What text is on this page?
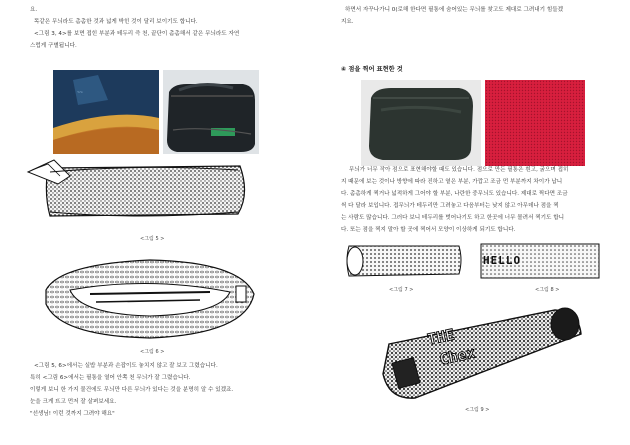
요.
똑같은 무늬라도 촘촘한 것과 넓게 박힌 것이 달리 보이기도 합니다.
<그림 3, 4>를 보면 접힌 부분과 테두리 즉 천, 끝단이 촘촘해서 같은 무늬라도 자연
스럽게 구별됩니다.
~~
<그림 5 >
<그림 6 >
<그림 5, 6>에서는 실밥 부분과 손잡이도 놓치지 않고 잘 보고 그렸습니다.
특히 <그림 6>에서는 필통을 열어 안쪽 천 무늬가 잘 그렸습니다.
이렇게 보니 한 가지 물건에도 무늬만 다른 무늬가 있다는 것을 분명히 알 수 있겠죠.
눈을 크게 뜨고 먼저 잘 살펴보세요.
"선생님! 이런 것까지 그려야 해요"
하면서 자꾸나가니 0(로해 한다면 필통에 숨어있는 무늬를 찾고도 제대로 그려내기 힘들겠
지요.
④ 점을 찍어 표현한 것
무늬가 너무 작아 점으로 표현해야할 때도 있습니다. 점으로 만든 필통은 흰고, 굵으며 접히
지 때문에 보는 것이나 방향에 따라 진하고 옅은 부분, 가깝고 조금 먼 부분까지 차이가 납니
다. 촘촘하게 찍거나 넓적하게 그어야 할 부분, 나란한 중무늬도 있습니다. 제대로 찍다면 조금
씩 다 달라 보입니다. 접무늬가 테두리만 그려놓고 다음부터는 낮지 않고 아무데나 점을 찍
는 사람도 많습니다. 그러다 보니 테두리를 벗어나기도 하고 한곳에 너무 몰려서 찍기도 합니
다. 또는 점을 찍지 말아 할 곳에 찍어서 모양이 이상하게 되기도 합니다.
<그림 7 >
HELLO
<그림 8 >
THE
Chex
<그림 9 >
